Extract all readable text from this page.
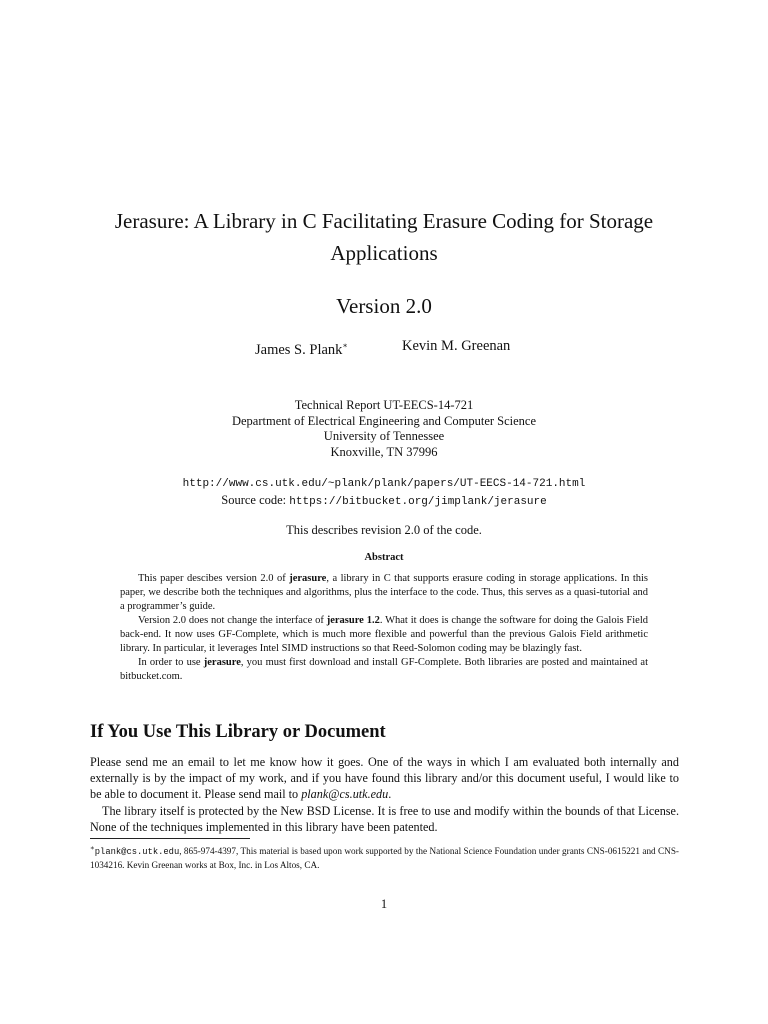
Jerasure: A Library in C Facilitating Erasure Coding for Storage
Applications
Version 2.0
James S. Plank∗	Kevin M. Greenan
Technical Report UT-EECS-14-721
Department of Electrical Engineering and Computer Science
University of Tennessee
Knoxville, TN 37996
http://www.cs.utk.edu/~plank/plank/papers/UT-EECS-14-721.html
Source code: https://bitbucket.org/jimplank/jerasure
This describes revision 2.0 of the code.
Abstract

This paper descibes version 2.0 of jerasure, a library in C that supports erasure coding in storage applications. In this paper, we describe both the techniques and algorithms, plus the interface to the code. Thus, this serves as a quasi-tutorial and a programmer’s guide.

Version 2.0 does not change the interface of jerasure 1.2. What it does is change the software for doing the Galois Field back-end. It now uses GF-Complete, which is much more flexible and powerful than the previous Galois Field arithmetic library. In particular, it leverages Intel SIMD instructions so that Reed-Solomon coding may be blazingly fast.

In order to use jerasure, you must first download and install GF-Complete. Both libraries are posted and maintained at bitbucket.com.

If You Use This Library or Document

Please send me an email to let me know how it goes. One of the ways in which I am evaluated both internally and externally is by the impact of my work, and if you have found this library and/or this document useful, I would like to be able to document it. Please send mail to plank@cs.utk.edu.

The library itself is protected by the New BSD License. It is free to use and modify within the bounds of that License. None of the techniques implemented in this library have been patented.

∗plank@cs.utk.edu, 865-974-4397, This material is based upon work supported by the National Science Foundation under grants CNS-0615221 and CNS-1034216. Kevin Greenan works at Box, Inc. in Los Altos, CA.
1
